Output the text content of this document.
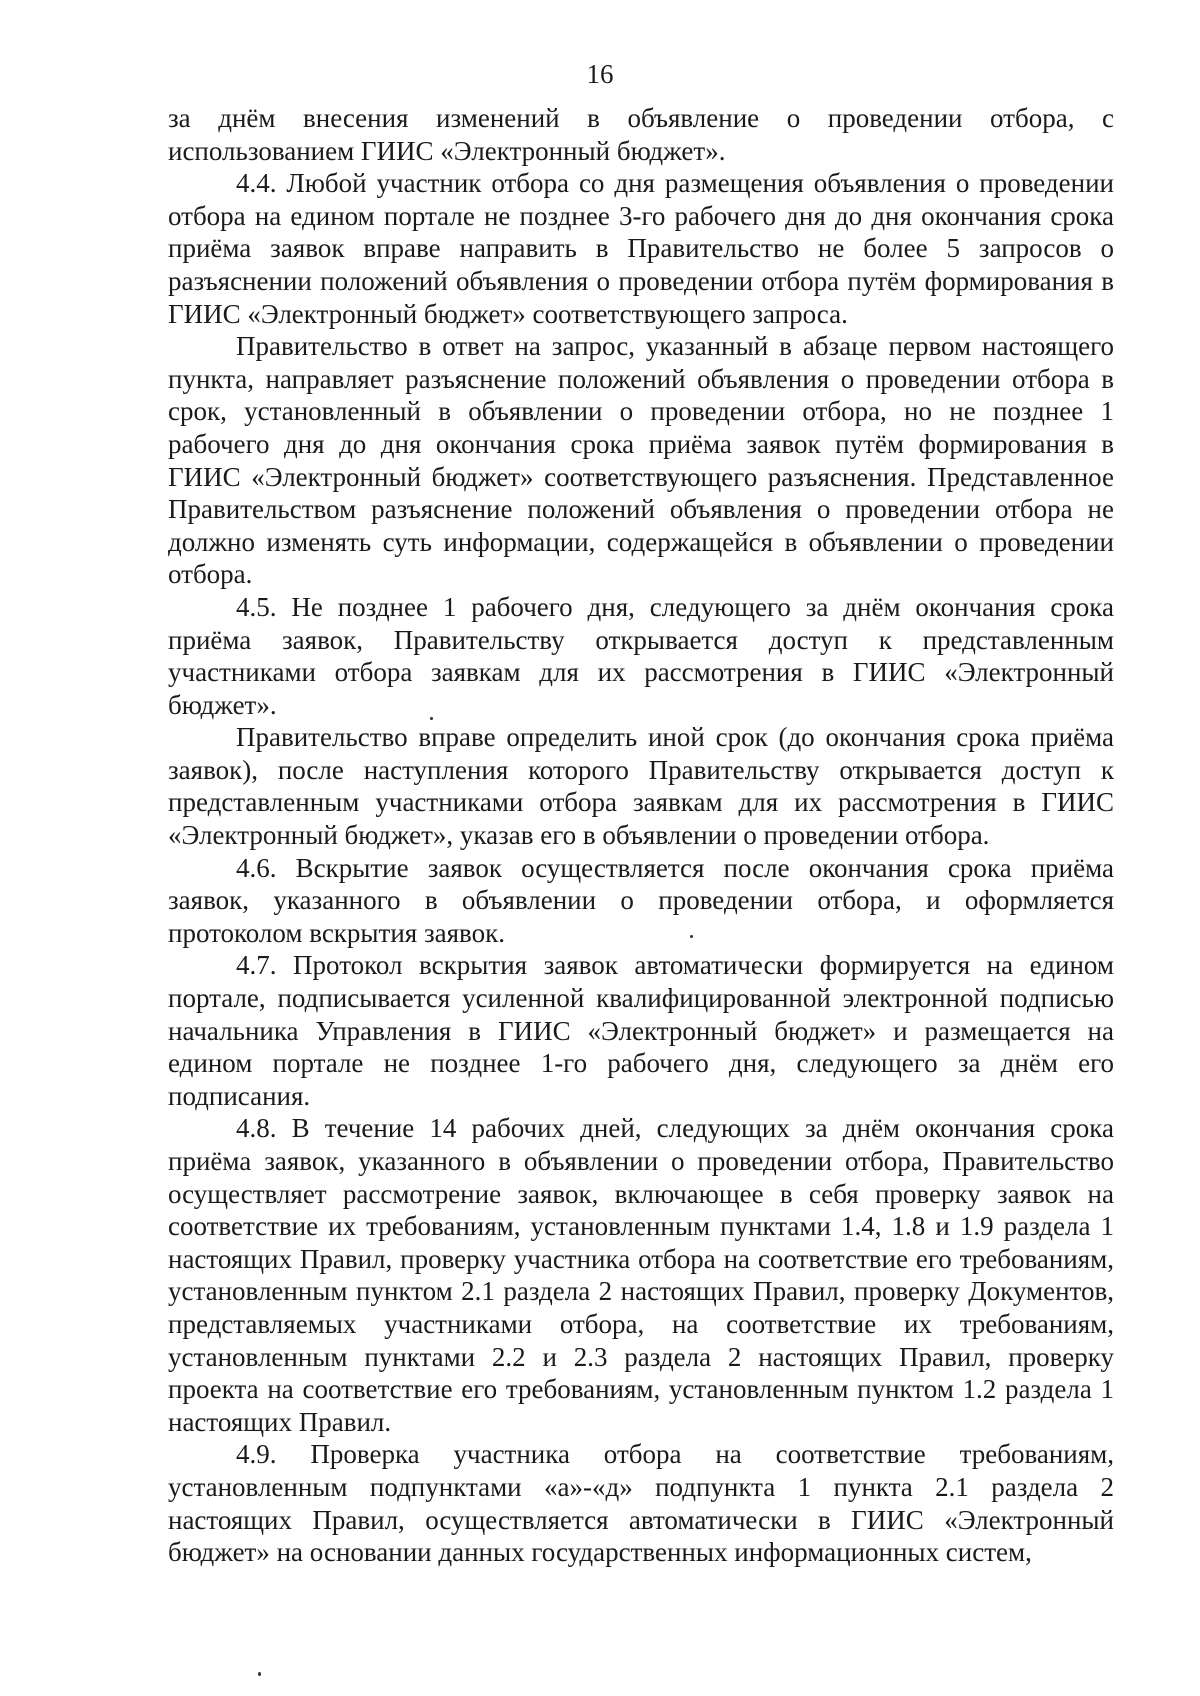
16

за днём внесения изменений в объявление о проведении отбора, с использованием ГИИС «Электронный бюджет».

4.4. Любой участник отбора со дня размещения объявления о проведении отбора на едином портале не позднее 3-го рабочего дня до дня окончания срока приёма заявок вправе направить в Правительство не более 5 запросов о разъяснении положений объявления о проведении отбора путём формирования в ГИИС «Электронный бюджет» соответствующего запроса.

Правительство в ответ на запрос, указанный в абзаце первом настоящего пункта, направляет разъяснение положений объявления о проведении отбора в срок, установленный в объявлении о проведении отбора, но не позднее 1 рабочего дня до дня окончания срока приёма заявок путём формирования в ГИИС «Электронный бюджет» соответствующего разъяснения. Представленное Правительством разъяснение положений объявления о проведении отбора не должно изменять суть информации, содержащейся в объявлении о проведении отбора.

4.5. Не позднее 1 рабочего дня, следующего за днём окончания срока приёма заявок, Правительству открывается доступ к представленным участниками отбора заявкам для их рассмотрения в ГИИС «Электронный бюджет».

Правительство вправе определить иной срок (до окончания срока приёма заявок), после наступления которого Правительству открывается доступ к представленным участниками отбора заявкам для их рассмотрения в ГИИС «Электронный бюджет», указав его в объявлении о проведении отбора.

4.6. Вскрытие заявок осуществляется после окончания срока приёма заявок, указанного в объявлении о проведении отбора, и оформляется протоколом вскрытия заявок.

4.7. Протокол вскрытия заявок автоматически формируется на едином портале, подписывается усиленной квалифицированной электронной подписью начальника Управления в ГИИС «Электронный бюджет» и размещается на едином портале не позднее 1-го рабочего дня, следующего за днём его подписания.

4.8. В течение 14 рабочих дней, следующих за днём окончания срока приёма заявок, указанного в объявлении о проведении отбора, Правительство осуществляет рассмотрение заявок, включающее в себя проверку заявок на соответствие их требованиям, установленным пунктами 1.4, 1.8 и 1.9 раздела 1 настоящих Правил, проверку участника отбора на соответствие его требованиям, установленным пунктом 2.1 раздела 2 настоящих Правил, проверку Документов, представляемых участниками отбора, на соответствие их требованиям, установленным пунктами 2.2 и 2.3 раздела 2 настоящих Правил, проверку проекта на соответствие его требованиям, установленным пунктом 1.2 раздела 1 настоящих Правил.

4.9. Проверка участника отбора на соответствие требованиям, установленным подпунктами «а»-«д» подпункта 1 пункта 2.1 раздела 2 настоящих Правил, осуществляется автоматически в ГИИС «Электронный бюджет» на основании данных государственных информационных систем,
